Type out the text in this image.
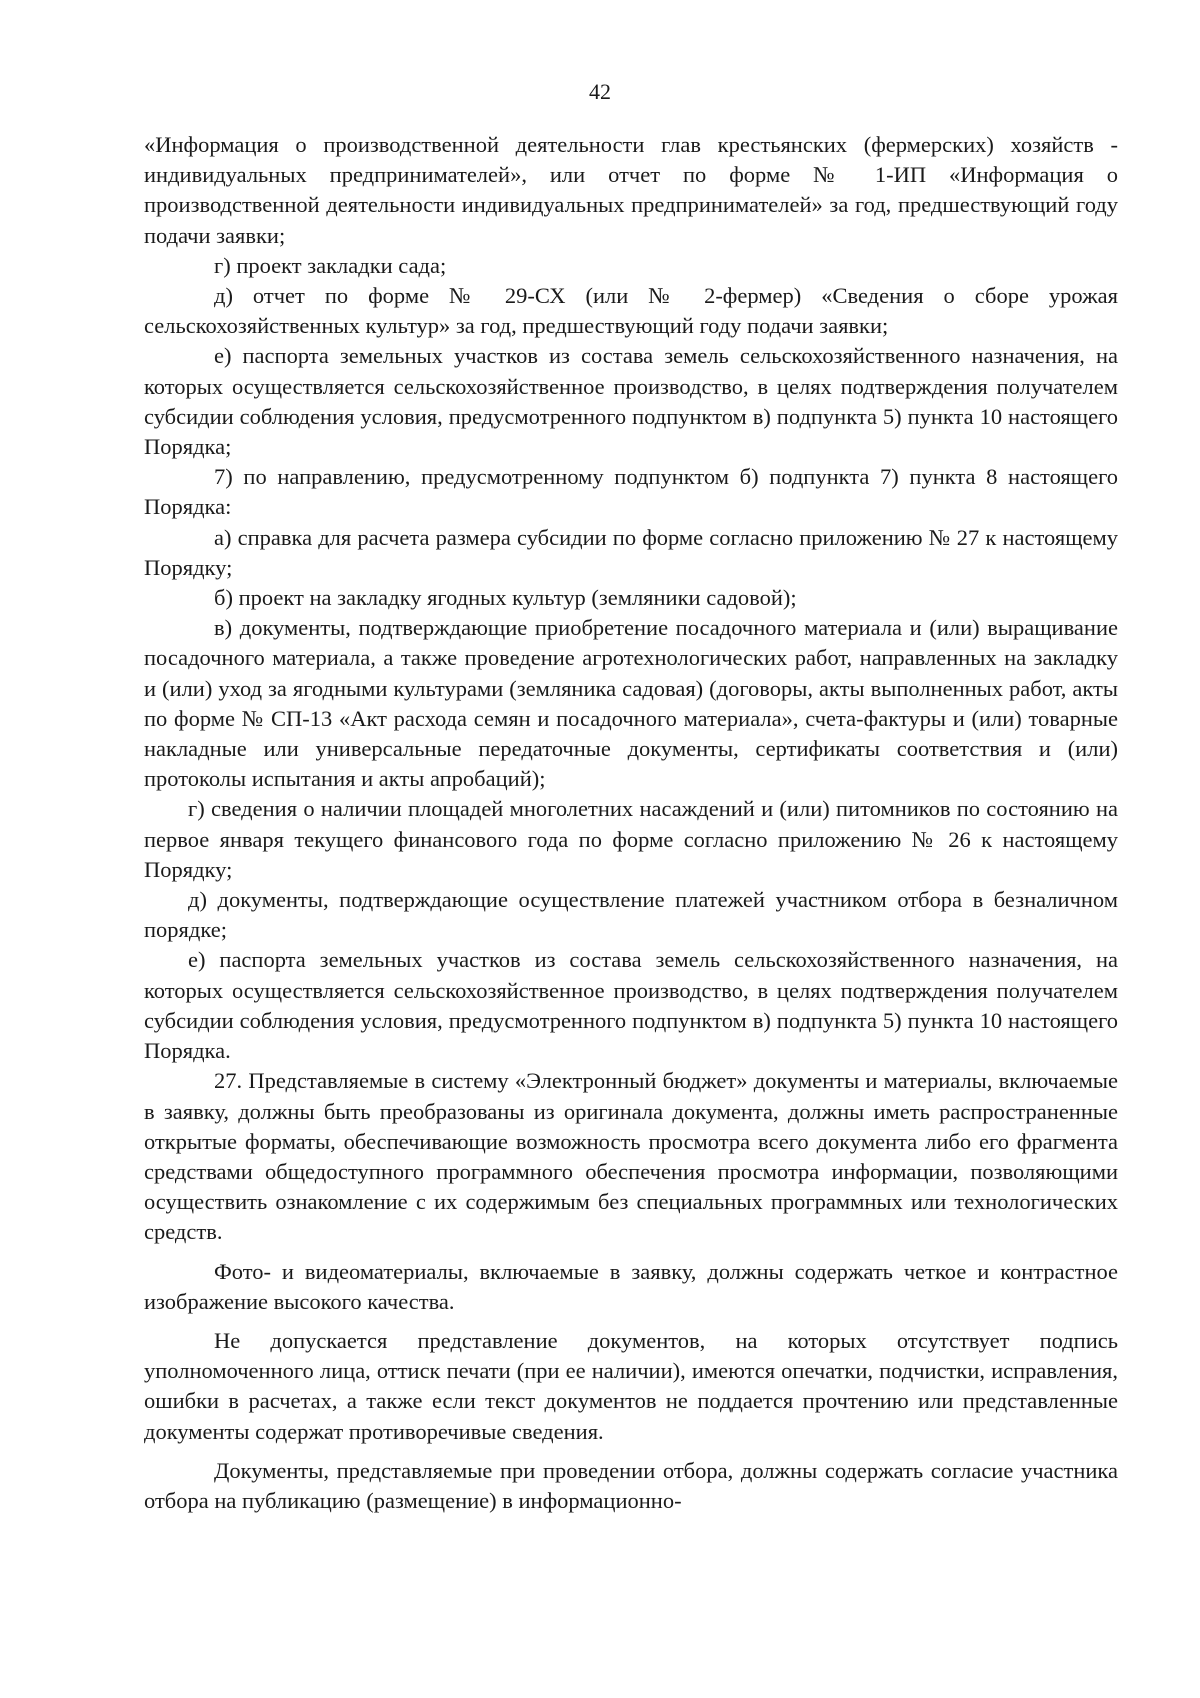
42

«Информация о производственной деятельности глав крестьянских (фермерских) хозяйств - индивидуальных предпринимателей», или отчет по форме № 1-ИП «Информация о производственной деятельности индивидуальных предпринимателей» за год, предшествующий году подачи заявки;

г) проект закладки сада;

д) отчет по форме № 29-СХ (или № 2-фермер) «Сведения о сборе урожая сельскохозяйственных культур» за год, предшествующий году подачи заявки;

е) паспорта земельных участков из состава земель сельскохозяйственного назначения, на которых осуществляется сельскохозяйственное производство, в целях подтверждения получателем субсидии соблюдения условия, предусмотренного подпунктом в) подпункта 5) пункта 10 настоящего Порядка;

7) по направлению, предусмотренному подпунктом б) подпункта 7) пункта 8 настоящего Порядка:

а) справка для расчета размера субсидии по форме согласно приложению № 27 к настоящему Порядку;

б) проект на закладку ягодных культур (земляники садовой);

в) документы, подтверждающие приобретение посадочного материала и (или) выращивание посадочного материала, а также проведение агротехнологических работ, направленных на закладку и (или) уход за ягодными культурами (земляника садовая) (договоры, акты выполненных работ, акты по форме № СП-13 «Акт расхода семян и посадочного материала», счета-фактуры и (или) товарные накладные или универсальные передаточные документы, сертификаты соответствия и (или) протоколы испытания и акты апробаций);

г) сведения о наличии площадей многолетних насаждений и (или) питомников по состоянию на первое января текущего финансового года по форме согласно приложению № 26 к настоящему Порядку;

д) документы, подтверждающие осуществление платежей участником отбора в безналичном порядке;

е) паспорта земельных участков из состава земель сельскохозяйственного назначения, на которых осуществляется сельскохозяйственное производство, в целях подтверждения получателем субсидии соблюдения условия, предусмотренного подпунктом в) подпункта 5) пункта 10 настоящего Порядка.

27. Представляемые в систему «Электронный бюджет» документы и материалы, включаемые в заявку, должны быть преобразованы из оригинала документа, должны иметь распространенные открытые форматы, обеспечивающие возможность просмотра всего документа либо его фрагмента средствами общедоступного программного обеспечения просмотра информации, позволяющими осуществить ознакомление с их содержимым без специальных программных или технологических средств.

Фото- и видеоматериалы, включаемые в заявку, должны содержать четкое и контрастное изображение высокого качества.

Не допускается представление документов, на которых отсутствует подпись уполномоченного лица, оттиск печати (при ее наличии), имеются опечатки, подчистки, исправления, ошибки в расчетах, а также если текст документов не поддается прочтению или представленные документы содержат противоречивые сведения.

Документы, представляемые при проведении отбора, должны содержать согласие участника отбора на публикацию (размещение) в информационно-
